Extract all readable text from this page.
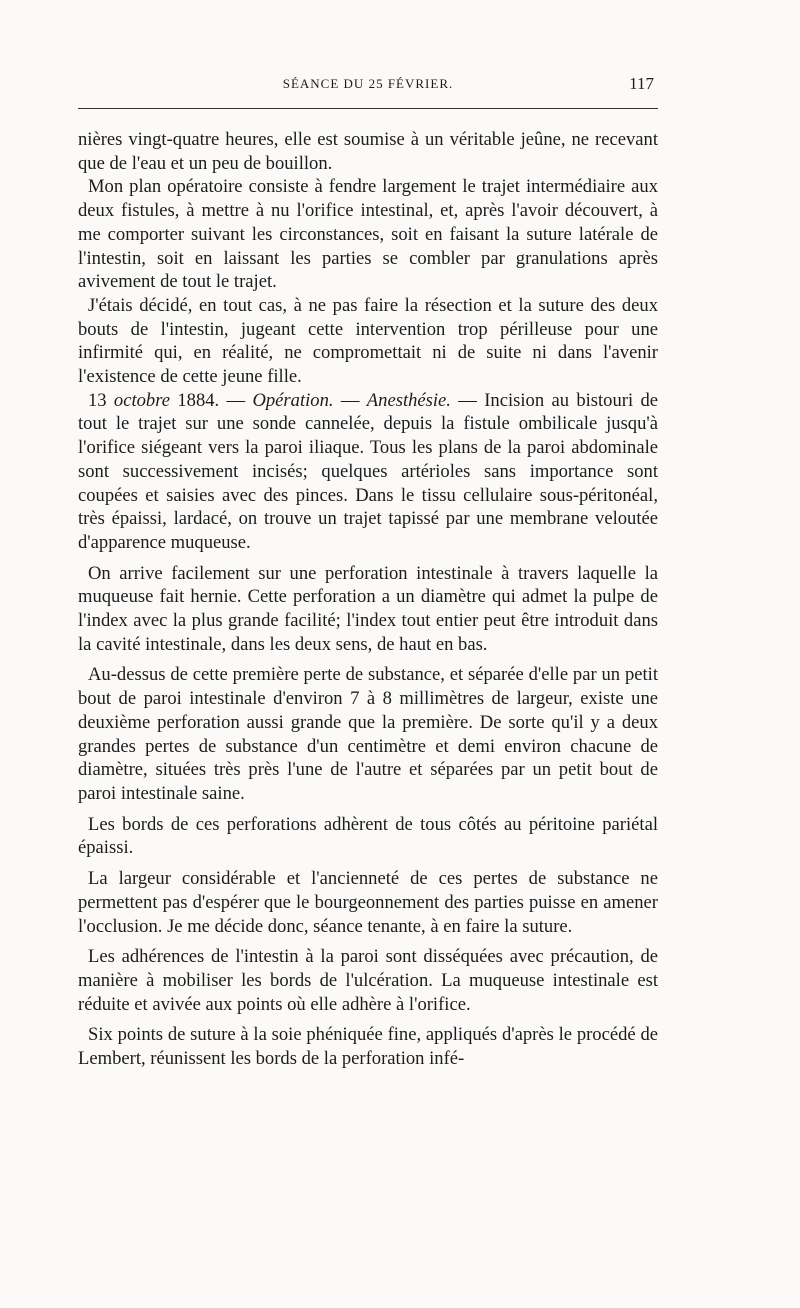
SÉANCE DU 25 FÉVRIER.	117

nières vingt-quatre heures, elle est soumise à un véritable jeûne, ne recevant que de l'eau et un peu de bouillon.

Mon plan opératoire consiste à fendre largement le trajet intermédiaire aux deux fistules, à mettre à nu l'orifice intestinal, et, après l'avoir découvert, à me comporter suivant les circonstances, soit en faisant la suture latérale de l'intestin, soit en laissant les parties se combler par granulations après avivement de tout le trajet.

J'étais décidé, en tout cas, à ne pas faire la résection et la suture des deux bouts de l'intestin, jugeant cette intervention trop périlleuse pour une infirmité qui, en réalité, ne compromettait ni de suite ni dans l'avenir l'existence de cette jeune fille.

13 octobre 1884. — Opération. — Anesthésie. — Incision au bistouri de tout le trajet sur une sonde cannelée, depuis la fistule ombilicale jusqu'à l'orifice siégeant vers la paroi iliaque. Tous les plans de la paroi abdominale sont successivement incisés; quelques artérioles sans importance sont coupées et saisies avec des pinces. Dans le tissu cellulaire sous-péritonéal, très épaissi, lardacé, on trouve un trajet tapissé par une membrane veloutée d'apparence muqueuse.

On arrive facilement sur une perforation intestinale à travers laquelle la muqueuse fait hernie. Cette perforation a un diamètre qui admet la pulpe de l'index avec la plus grande facilité; l'index tout entier peut être introduit dans la cavité intestinale, dans les deux sens, de haut en bas.

Au-dessus de cette première perte de substance, et séparée d'elle par un petit bout de paroi intestinale d'environ 7 à 8 millimètres de largeur, existe une deuxième perforation aussi grande que la première. De sorte qu'il y a deux grandes pertes de substance d'un centimètre et demi environ chacune de diamètre, situées très près l'une de l'autre et séparées par un petit bout de paroi intestinale saine.

Les bords de ces perforations adhèrent de tous côtés au péritoine pariétal épaissi.

La largeur considérable et l'ancienneté de ces pertes de substance ne permettent pas d'espérer que le bourgeonnement des parties puisse en amener l'occlusion. Je me décide donc, séance tenante, à en faire la suture.

Les adhérences de l'intestin à la paroi sont disséquées avec précaution, de manière à mobiliser les bords de l'ulcération. La muqueuse intestinale est réduite et avivée aux points où elle adhère à l'orifice.

Six points de suture à la soie phéniquée fine, appliqués d'après le procédé de Lembert, réunissent les bords de la perforation infé-
